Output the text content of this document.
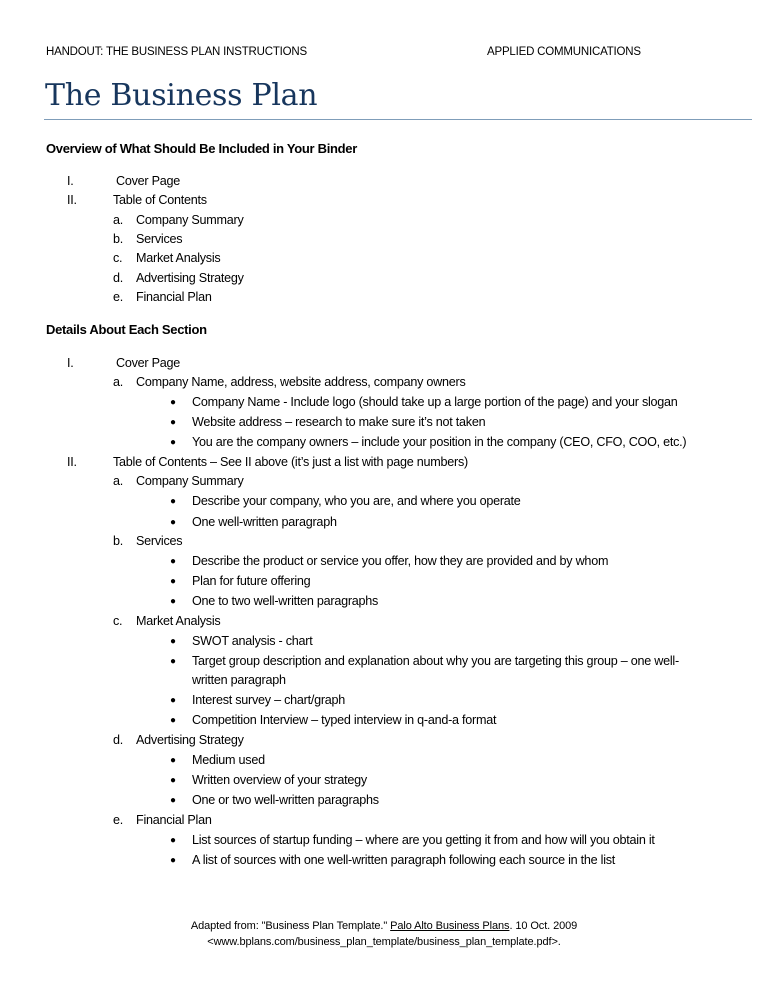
HANDOUT: THE BUSINESS PLAN INSTRUCTIONS	APPLIED COMMUNICATIONS
The Business Plan
Overview of What Should Be Included in Your Binder
I.	Cover Page
II.	Table of Contents
a. Company Summary
b. Services
c. Market Analysis
d. Advertising Strategy
e. Financial Plan
Details About Each Section
I.	Cover Page
a. Company Name, address, website address, company owners
● Company Name - Include logo (should take up a large portion of the page) and your slogan
● Website address – research to make sure it’s not taken
● You are the company owners – include your position in the company (CEO, CFO, COO, etc.)
II.	Table of Contents – See II above (it’s just a list with page numbers)
a. Company Summary
● Describe your company, who you are, and where you operate
● One well-written paragraph
b. Services
● Describe the product or service you offer, how they are provided and by whom
● Plan for future offering
● One to two well-written paragraphs
c. Market Analysis
● SWOT analysis - chart
● Target group description and explanation about why you are targeting this group – one well-
written paragraph
● Interest survey – chart/graph
● Competition Interview – typed interview in q-and-a format
d. Advertising Strategy
● Medium used
● Written overview of your strategy
● One or two well-written paragraphs
e. Financial Plan
● List sources of startup funding – where are you getting it from and how will you obtain it
● A list of sources with one well-written paragraph following each source in the list
Adapted from: "Business Plan Template." Palo Alto Business Plans. 10 Oct. 2009
<www.bplans.com/business_plan_template/business_plan_template.pdf>.
